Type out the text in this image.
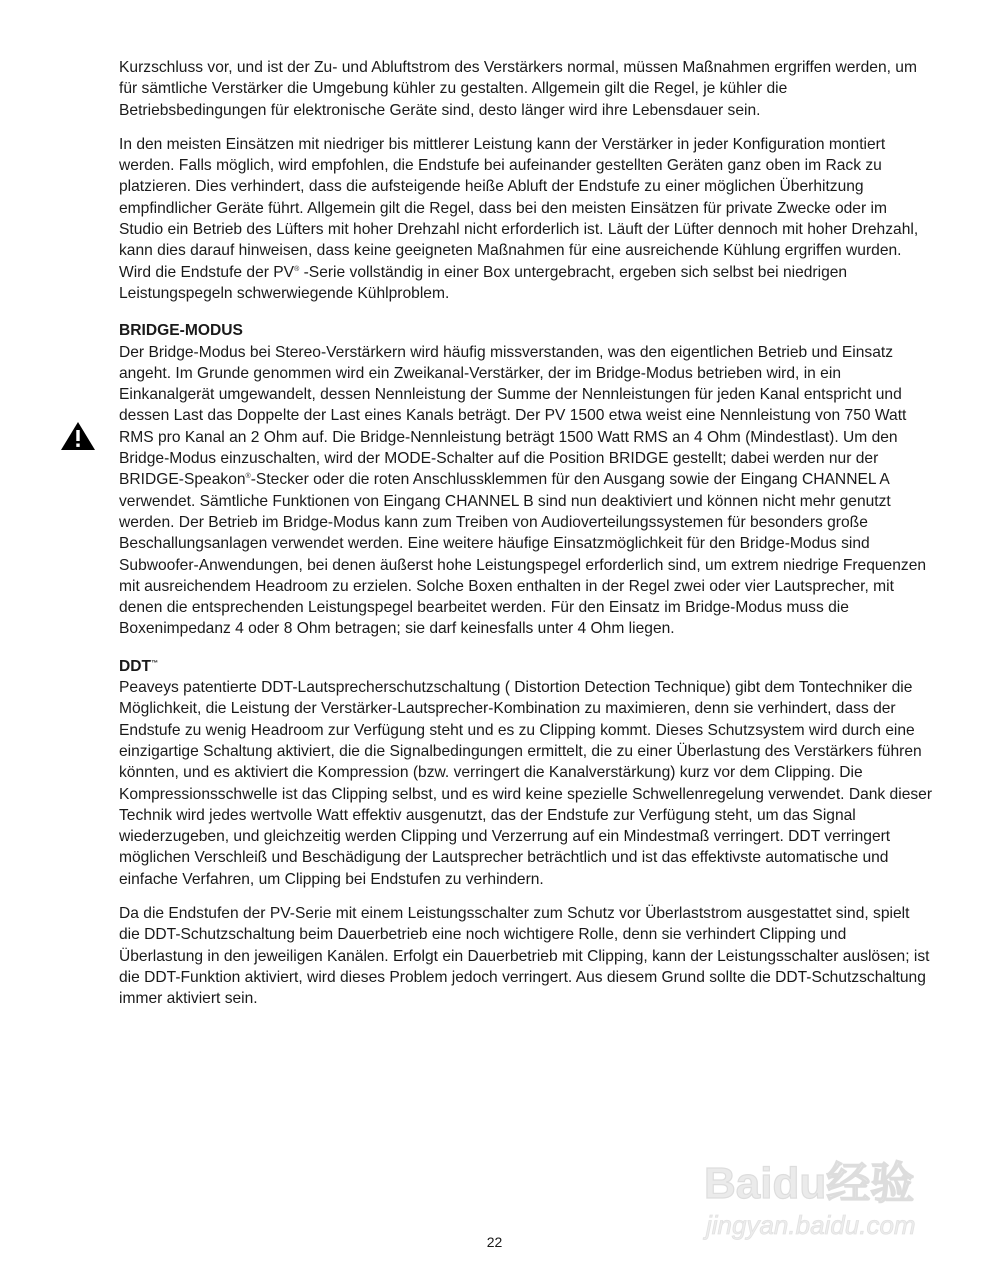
Kurzschluss vor, und ist der Zu- und Abluftstrom des Verstärkers normal, müssen Maßnahmen ergriffen werden, um für sämtliche Verstärker die Umgebung kühler zu gestalten. Allgemein gilt die Regel, je kühler die Betriebsbedingungen für elektronische Geräte sind, desto länger wird ihre Lebensdauer sein.

In den meisten Einsätzen mit niedriger bis mittlerer Leistung kann der Verstärker in jeder Konfiguration montiert werden. Falls möglich, wird empfohlen, die Endstufe bei aufeinander gestellten Geräten ganz oben im Rack zu platzieren. Dies verhindert, dass die aufsteigende heiße Abluft der Endstufe zu einer möglichen Überhitzung empfindlicher Geräte führt. Allgemein gilt die Regel, dass bei den meisten Einsätzen für private Zwecke oder im Studio ein Betrieb des Lüfters mit hoher Drehzahl nicht erforderlich ist. Läuft der Lüfter dennoch mit hoher Drehzahl, kann dies darauf hinweisen, dass keine geeigneten Maßnahmen für eine ausreichende Kühlung ergriffen wurden. Wird die Endstufe der PV® -Serie vollständig in einer Box untergebracht, ergeben sich selbst bei niedrigen Leistungspegeln schwerwiegende Kühlproblem.

BRIDGE-MODUS

Der Bridge-Modus bei Stereo-Verstärkern wird häufig missverstanden, was den eigentlichen Betrieb und Einsatz angeht. Im Grunde genommen wird ein Zweikanal-Verstärker, der im Bridge-Modus betrieben wird, in ein Einkanalgerät umgewandelt, dessen Nennleistung der Summe der Nennleistungen für jeden Kanal entspricht und dessen Last das Doppelte der Last eines Kanals beträgt. Der PV 1500 etwa weist eine Nennleistung von 750 Watt RMS pro Kanal an 2 Ohm auf. Die Bridge-Nennleistung beträgt 1500 Watt RMS an 4 Ohm (Mindestlast). Um den Bridge-Modus einzuschalten, wird der MODE-Schalter auf die Position BRIDGE gestellt; dabei werden nur der BRIDGE-Speakon®-Stecker oder die roten Anschlussklemmen für den Ausgang sowie der Eingang CHANNEL A verwendet. Sämtliche Funktionen von Eingang CHANNEL B sind nun deaktiviert und können nicht mehr genutzt werden. Der Betrieb im Bridge-Modus kann zum Treiben von Audioverteilungssystemen für besonders große Beschallungsanlagen verwendet werden. Eine weitere häufige Einsatzmöglichkeit für den Bridge-Modus sind Subwoofer-Anwendungen, bei denen äußerst hohe Leistungspegel erforderlich sind, um extrem niedrige Frequenzen mit ausreichendem Headroom zu erzielen. Solche Boxen enthalten in der Regel zwei oder vier Lautsprecher, mit denen die entsprechenden Leistungspegel bearbeitet werden. Für den Einsatz im Bridge-Modus muss die Boxenimpedanz 4 oder 8 Ohm betragen; sie darf keinesfalls unter 4 Ohm liegen.

DDT™

Peaveys patentierte DDT-Lautsprecherschutzschaltung ( Distortion Detection Technique) gibt dem Tontechniker die Möglichkeit, die Leistung der Verstärker-Lautsprecher-Kombination zu maximieren, denn sie verhindert, dass der Endstufe zu wenig Headroom zur Verfügung steht und es zu Clipping kommt. Dieses Schutzsystem wird durch eine einzigartige Schaltung aktiviert, die die Signalbedingungen ermittelt, die zu einer Überlastung des Verstärkers führen könnten, und es aktiviert die Kompression (bzw. verringert die Kanalverstärkung) kurz vor dem Clipping. Die Kompressionsschwelle ist das Clipping selbst, und es wird keine spezielle Schwellenregelung verwendet. Dank dieser Technik wird jedes wertvolle Watt effektiv ausgenutzt, das der Endstufe zur Verfügung steht, um das Signal wiederzugeben, und gleichzeitig werden Clipping und Verzerrung auf ein Mindestmaß verringert. DDT verringert möglichen Verschleiß und Beschädigung der Lautsprecher beträchtlich und ist das effektivste automatische und einfache Verfahren, um Clipping bei Endstufen zu verhindern.

Da die Endstufen der PV-Serie mit einem Leistungsschalter zum Schutz vor Überlaststrom ausgestattet sind, spielt die DDT-Schutzschaltung beim Dauerbetrieb eine noch wichtigere Rolle, denn sie verhindert Clipping und Überlastung in den jeweiligen Kanälen. Erfolgt ein Dauerbetrieb mit Clipping, kann der Leistungsschalter auslösen; ist die DDT-Funktion aktiviert, wird dieses Problem jedoch verringert. Aus diesem Grund sollte die DDT-Schutzschaltung immer aktiviert sein.

Baidu经验
jingyan.baidu.com
22
